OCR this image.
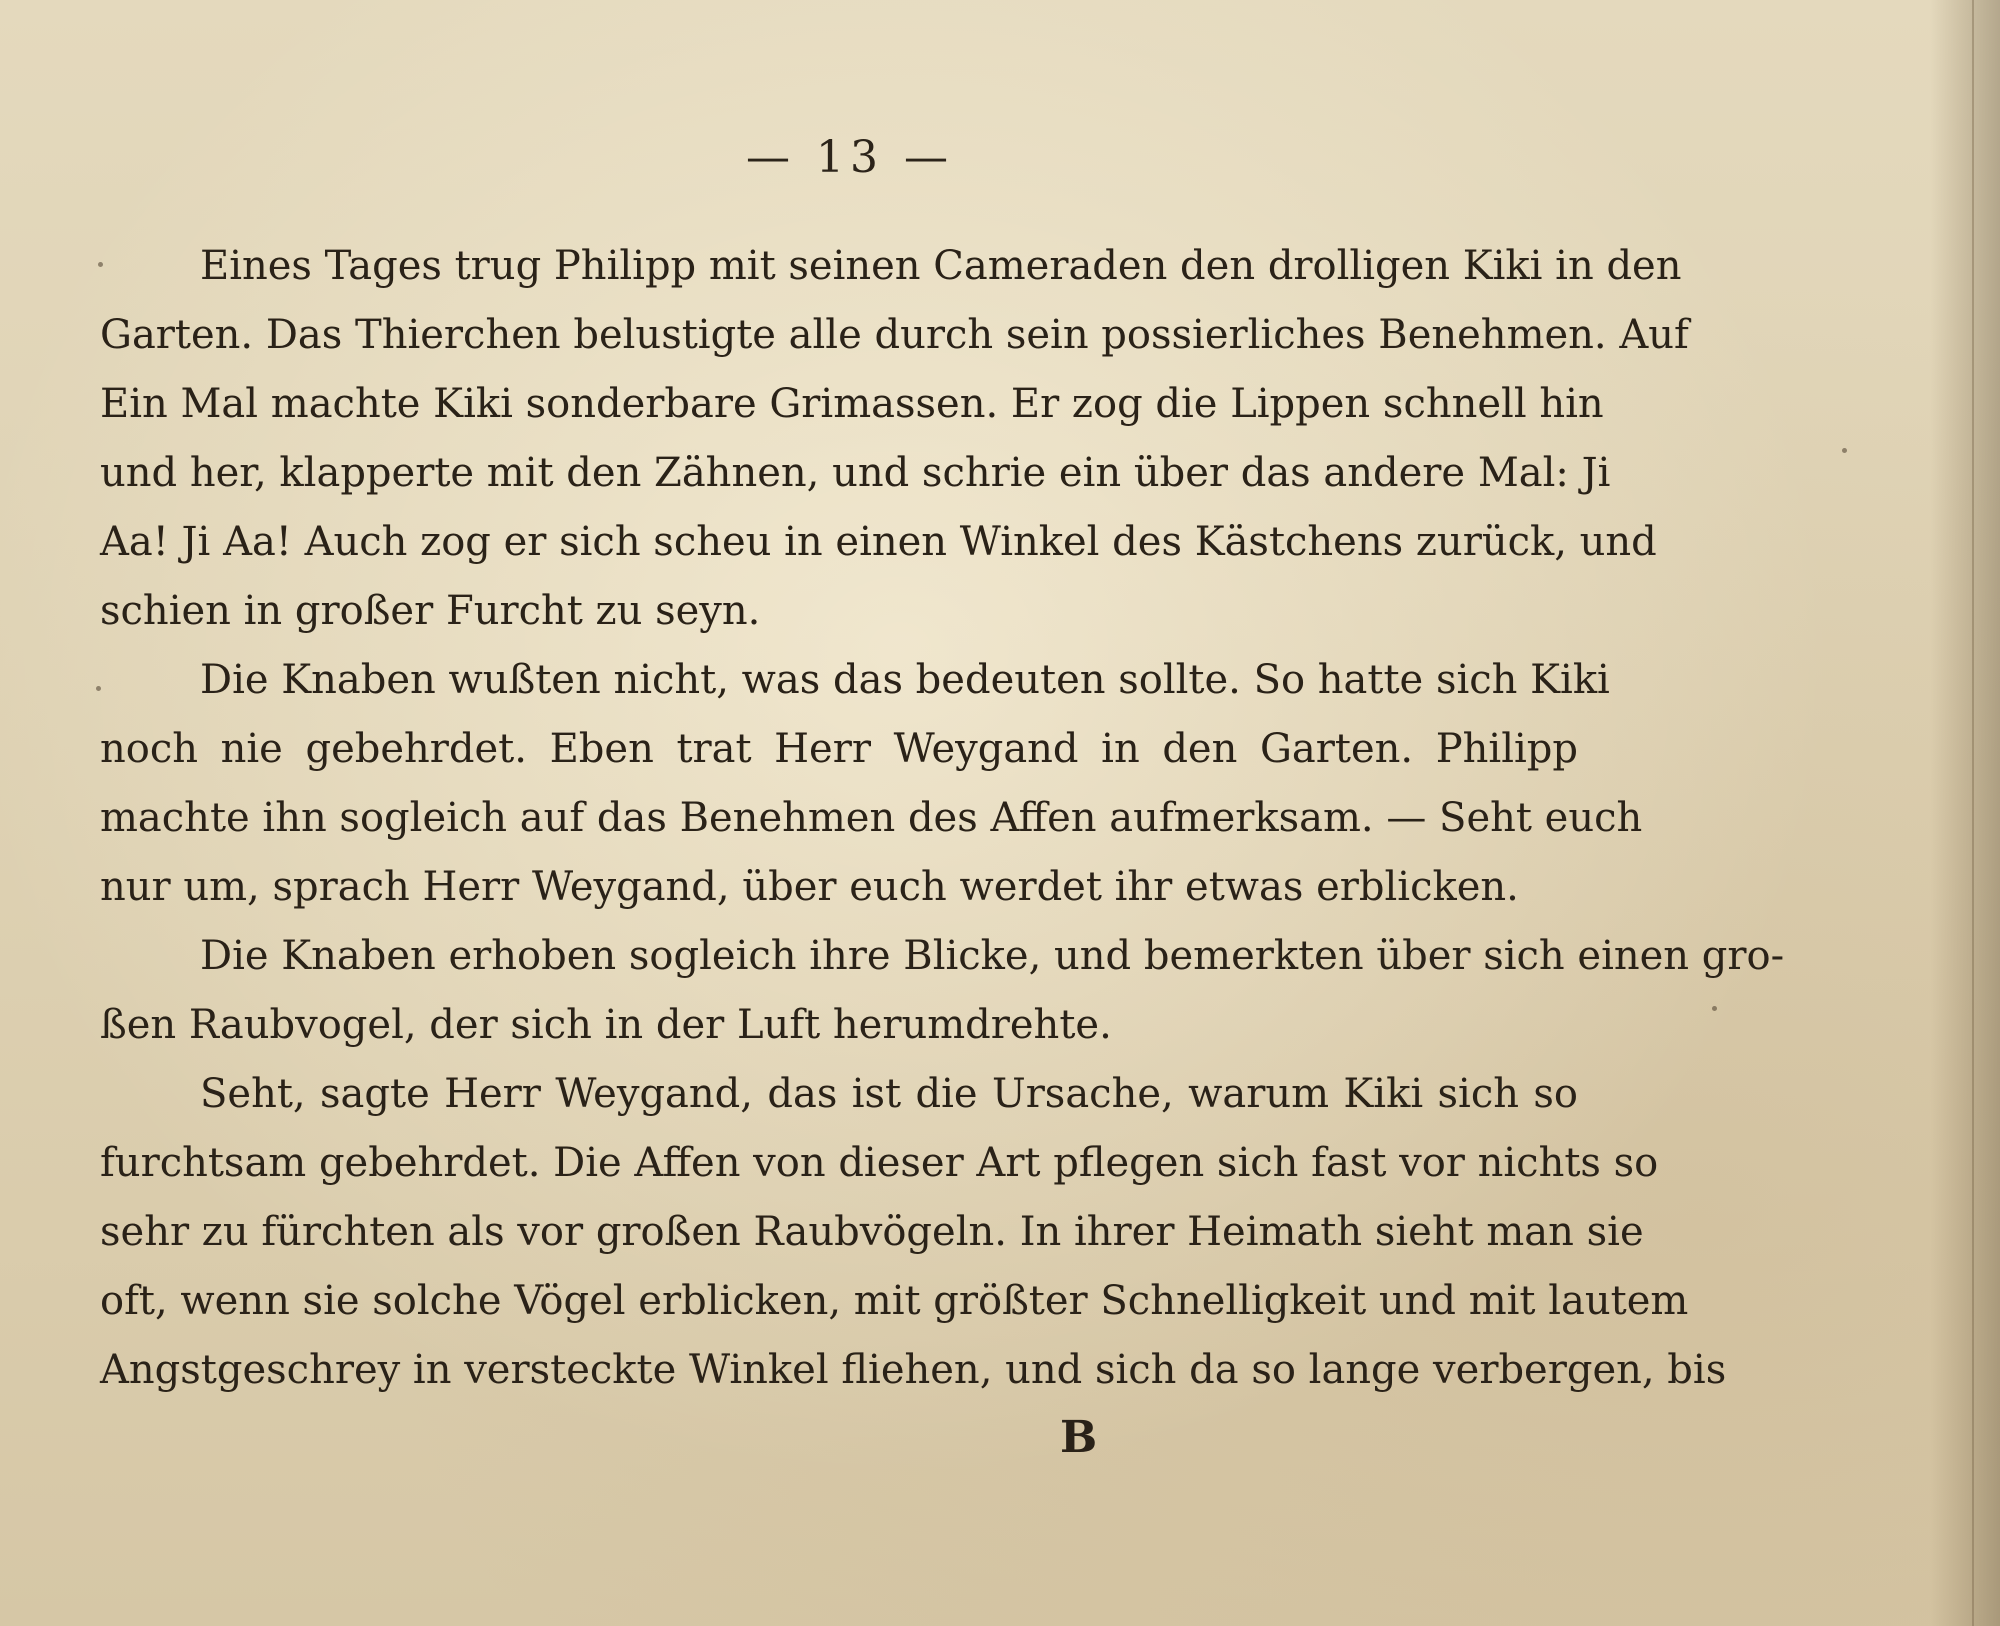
— 13 —
Eines Tages trug Philipp mit seinen Cameraden den drolligen Kiki in den
Garten. Das Thierchen belustigte alle durch sein possierliches Benehmen. Auf
Ein Mal machte Kiki sonderbare Grimassen. Er zog die Lippen schnell hin
und her, klapperte mit den Zähnen, und schrie ein über das andere Mal: Ji
Aa! Ji Aa! Auch zog er sich scheu in einen Winkel des Kästchens zurück, und
schien in großer Furcht zu seyn.
Die Knaben wußten nicht, was das bedeuten sollte. So hatte sich Kiki
noch nie gebehrdet. Eben trat Herr Weygand in den Garten. Philipp
machte ihn sogleich auf das Benehmen des Affen aufmerksam. — Seht euch
nur um, sprach Herr Weygand, über euch werdet ihr etwas erblicken.
Die Knaben erhoben sogleich ihre Blicke, und bemerkten über sich einen gro-
ßen Raubvogel, der sich in der Luft herumdrehte.
Seht, sagte Herr Weygand, das ist die Ursache, warum Kiki sich so
furchtsam gebehrdet. Die Affen von dieser Art pflegen sich fast vor nichts so
sehr zu fürchten als vor großen Raubvögeln. In ihrer Heimath sieht man sie
oft, wenn sie solche Vögel erblicken, mit größter Schnelligkeit und mit lautem
Angstgeschrey in versteckte Winkel fliehen, und sich da so lange verbergen, bis
B
